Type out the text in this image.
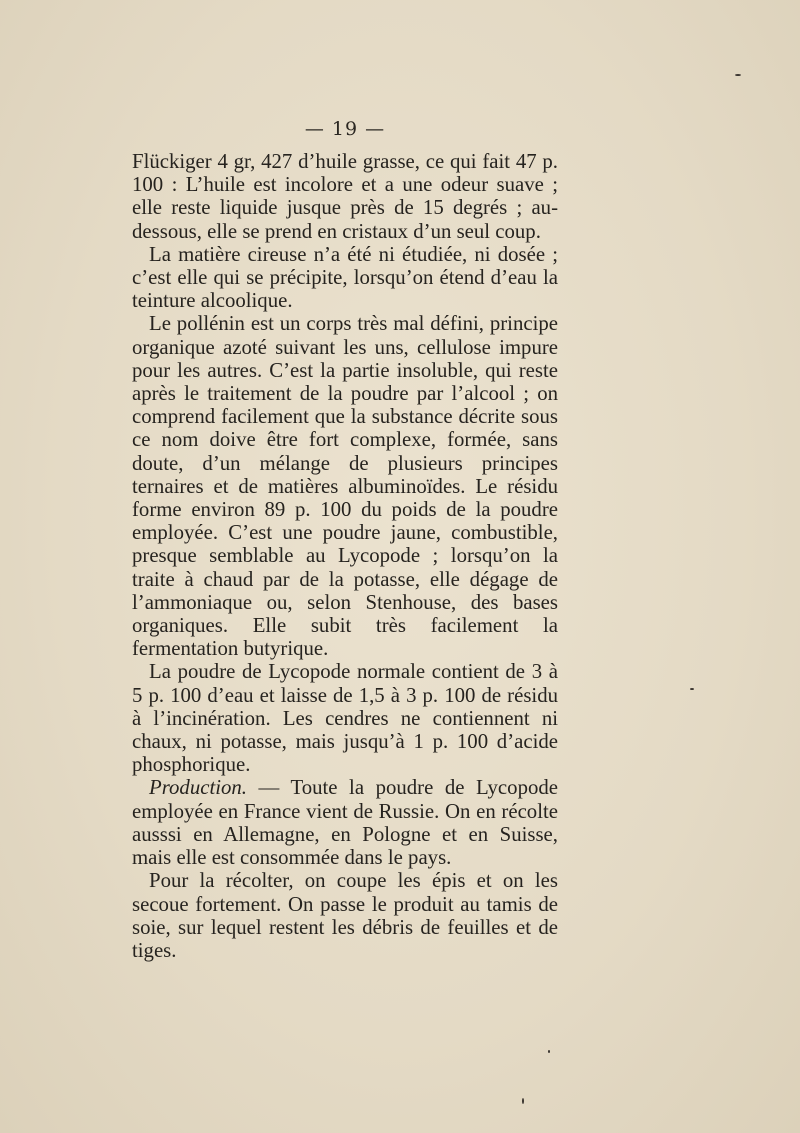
— 19 —

Flückiger 4 gr, 427 d’huile grasse, ce qui fait 47 p. 100 : L’huile est incolore et a une odeur suave ; elle reste liquide jusque près de 15 degrés ; au-dessous, elle se prend en cristaux d’un seul coup.

La matière cireuse n’a été ni étudiée, ni dosée ; c’est elle qui se précipite, lorsqu’on étend d’eau la teinture alcoolique.

Le pollénin est un corps très mal défini, principe organique azoté suivant les uns, cellulose impure pour les autres. C’est la partie insoluble, qui reste après le traitement de la poudre par l’alcool ; on comprend facilement que la substance décrite sous ce nom doive être fort complexe, formée, sans doute, d’un mélange de plusieurs principes ternaires et de matières albuminoïdes. Le résidu forme environ 89 p. 100 du poids de la poudre employée. C’est une poudre jaune, combustible, presque semblable au Lycopode ; lorsqu’on la traite à chaud par de la potasse, elle dégage de l’ammoniaque ou, selon Stenhouse, des bases organiques. Elle subit très facilement la fermentation butyrique.

La poudre de Lycopode normale contient de 3 à 5 p. 100 d’eau et laisse de 1,5 à 3 p. 100 de résidu à l’incinération. Les cendres ne contiennent ni chaux, ni potasse, mais jusqu’à 1 p. 100 d’acide phosphorique.

Production. — Toute la poudre de Lycopode employée en France vient de Russie. On en récolte ausssi en Allemagne, en Pologne et en Suisse, mais elle est consommée dans le pays.

Pour la récolter, on coupe les épis et on les secoue fortement. On passe le produit au tamis de soie, sur lequel restent les débris de feuilles et de tiges.
